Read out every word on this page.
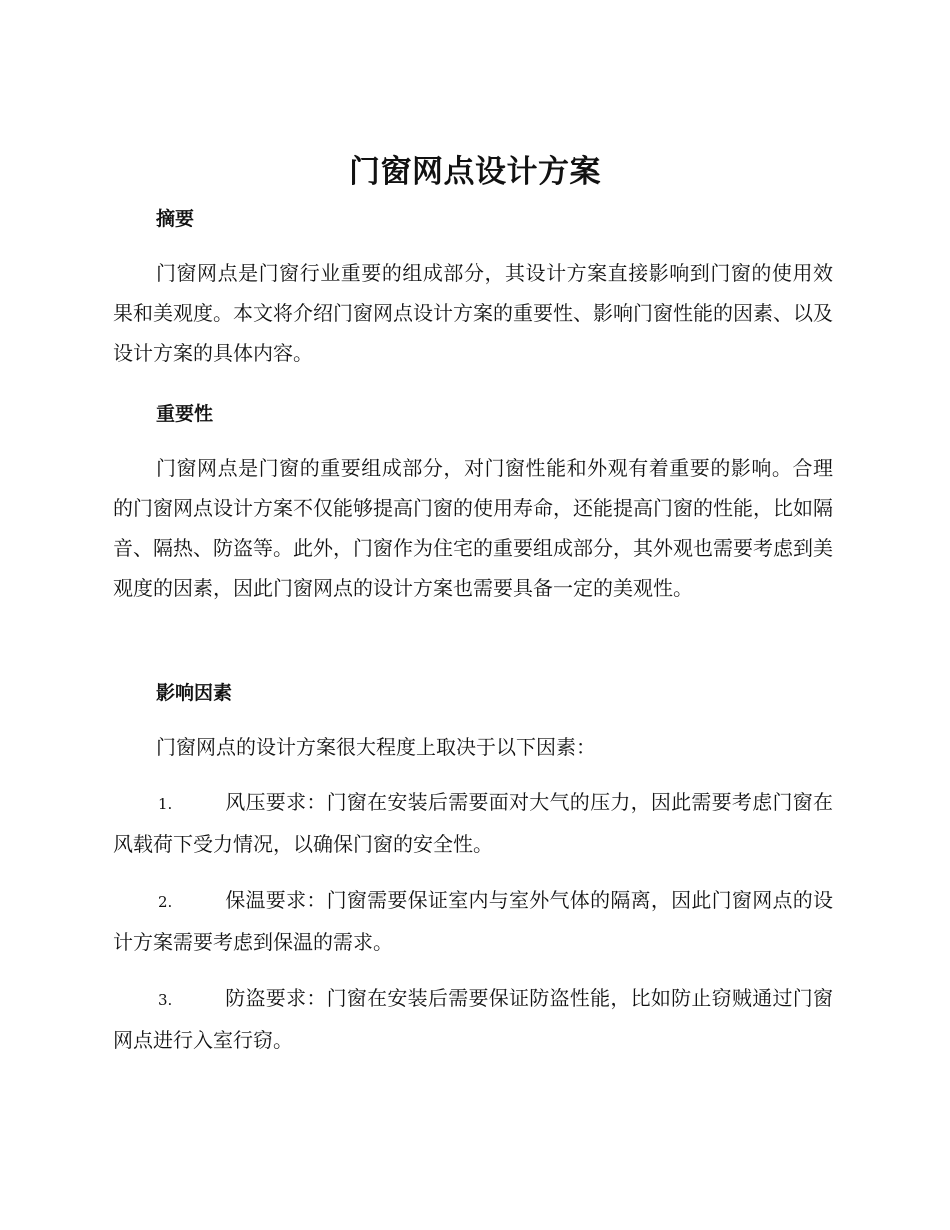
门窗网点设计方案
摘要

门窗网点是门窗行业重要的组成部分，其设计方案直接影响到门窗的使用效果和美观度。本文将介绍门窗网点设计方案的重要性、影响门窗性能的因素、以及设计方案的具体内容。

重要性

门窗网点是门窗的重要组成部分，对门窗性能和外观有着重要的影响。合理的门窗网点设计方案不仅能够提高门窗的使用寿命，还能提高门窗的性能，比如隔音、隔热、防盗等。此外，门窗作为住宅的重要组成部分，其外观也需要考虑到美观度的因素，因此门窗网点的设计方案也需要具备一定的美观性。

影响因素

门窗网点的设计方案很大程度上取决于以下因素：

1.	风压要求：门窗在安装后需要面对大气的压力，因此需要考虑门窗在风载荷下受力情况，以确保门窗的安全性。

2.	保温要求：门窗需要保证室内与室外气体的隔离，因此门窗网点的设计方案需要考虑到保温的需求。

3.	防盗要求：门窗在安装后需要保证防盗性能，比如防止窃贼通过门窗网点进行入室行窃。
